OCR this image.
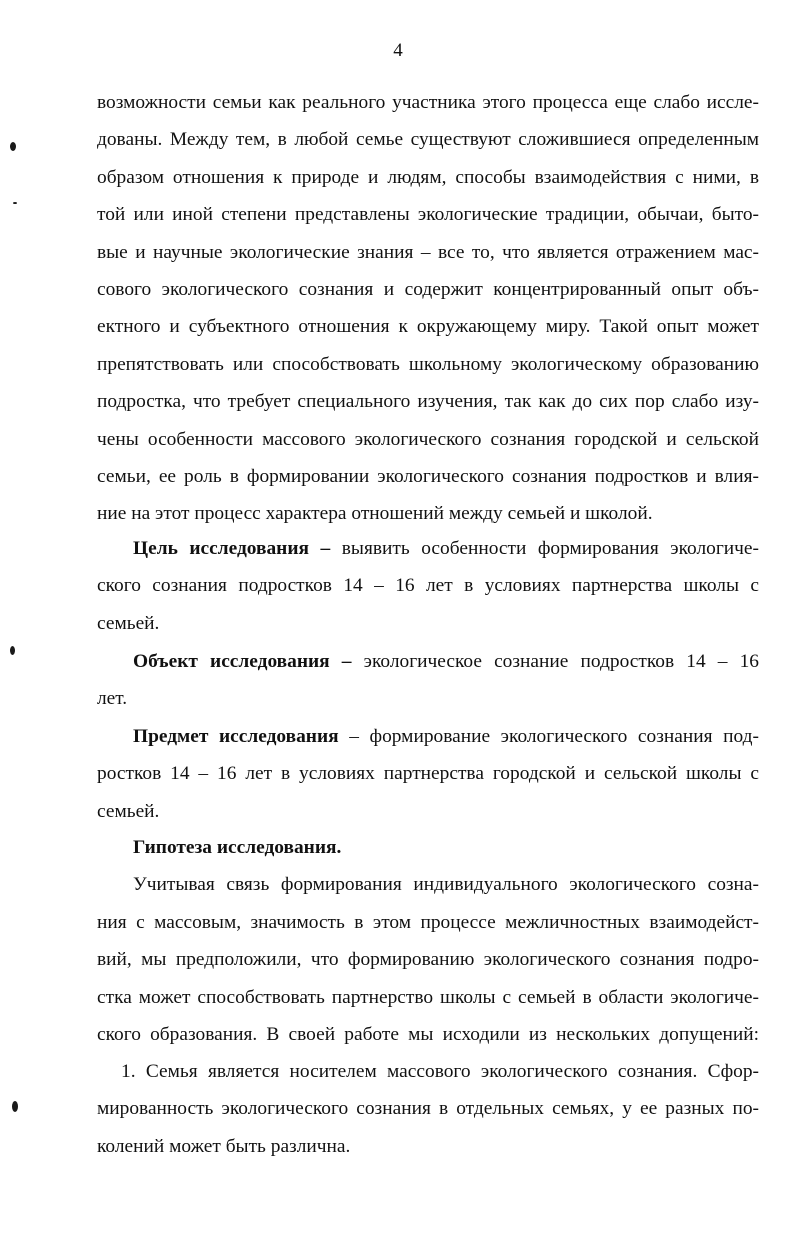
4
возможности семьи как реального участника этого процесса еще слабо иссле-
дованы. Между тем, в любой семье существуют сложившиеся определенным
образом отношения к природе и людям, способы взаимодействия с ними, в
той или иной степени представлены экологические традиции, обычаи, быто-
вые и научные экологические знания – все то, что является отражением мас-
сового экологического сознания и содержит концентрированный опыт объ-
ектного и субъектного отношения к окружающему миру. Такой опыт может
препятствовать или способствовать школьному экологическому образованию
подростка, что требует специального изучения, так как до сих пор слабо изу-
чены особенности массового экологического сознания городской и сельской
семьи, ее роль в формировании экологического сознания подростков и влия-
ние на этот процесс характера отношений между семьей и школой.
Цель исследования – выявить особенности формирования экологиче-
ского сознания подростков 14 – 16 лет в условиях партнерства школы с
семьей.
Объект исследования – экологическое сознание подростков 14 – 16
лет.
Предмет исследования – формирование экологического сознания под-
ростков 14 – 16 лет в условиях партнерства городской и сельской школы с
семьей.
Гипотеза исследования.
Учитывая связь формирования индивидуального экологического созна-
ния с массовым, значимость в этом процессе межличностных взаимодейст-
вий, мы предположили, что формированию экологического сознания подро-
стка может способствовать партнерство школы с семьей в области экологиче-
ского образования. В своей работе мы исходили из нескольких допущений:
1. Семья является носителем массового экологического сознания. Сфор-
мированность экологического сознания в отдельных семьях, у ее разных по-
колений может быть различна.
